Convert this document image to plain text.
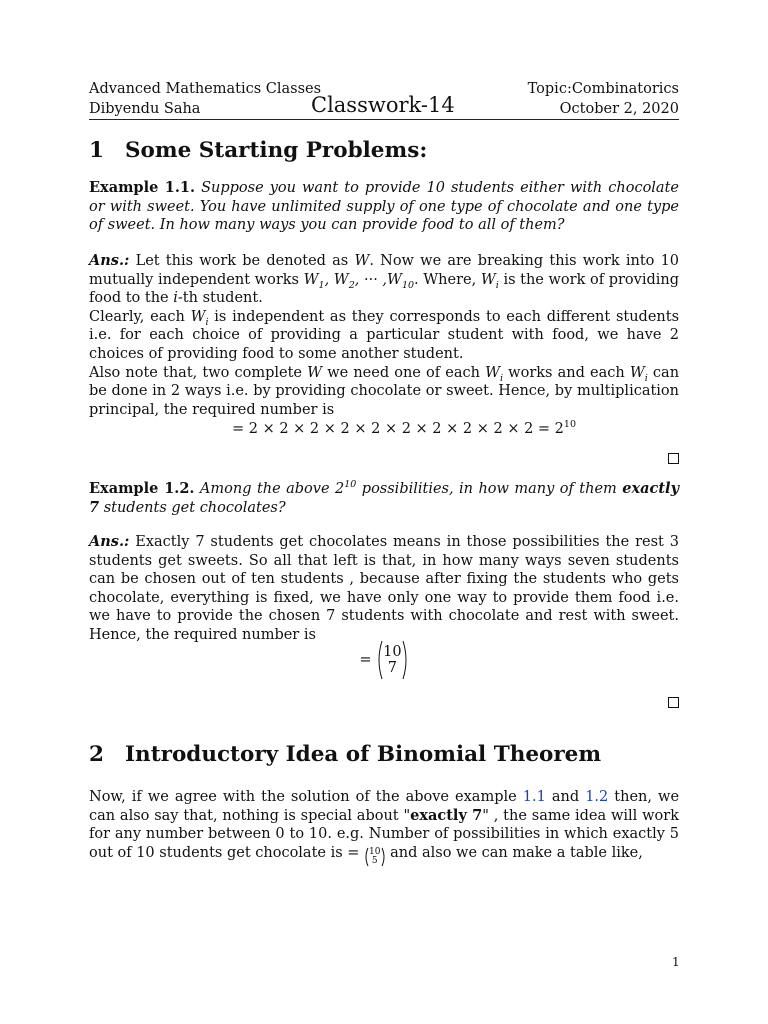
Advanced Mathematics Classes
Dibyendu Saha	Classwork-14
Topic:Combinatorics
October 2, 2020
1 Some Starting Problems:

Example 1.1. Suppose you want to provide 10 students either with chocolate or with sweet. You have unlimited supply of one type of chocolate and one type of sweet. In how many ways you can provide food to all of them?

Ans.: Let this work be denoted as W. Now we are breaking this work into 10 mutually independent works $W_1$, $W_2$, ··· $,W_{10}$. Where, $W_i$ is the work of providing food to the i-th student.
Clearly, each $W_i$ is independent as they corresponds to each different students i.e. for each choice of providing a particular student with food, we have 2 choices of providing food to some another student.
Also note that, two complete W we need one of each $W_i$ works and each $W_i$ can be done in 2 ways i.e. by providing chocolate or sweet. Hence, by multiplication principal, the required number is

= $2 \times 2 \times 2 \times 2 \times 2 \times 2 \times 2 \times 2 \times 2 \times 2 = 2^{10}$

Example 1.2. Among the above $2^{10}$ possibilities, in how many of them exactly 7 students get chocolates?

Ans.: Exactly 7 students get chocolates means in those possibilities the rest 3 students get sweets. So all that left is that, in how many ways seven students can be chosen out of ten students , because after fixing the students who gets chocolate, everything is fixed, we have only one way to provide them food i.e. we have to provide the chosen 7 students with chocolate and rest with sweet. Hence, the required number is

= 10
7
2 Introductory Idea of Binomial Theorem

Now, if we agree with the solution of the above example 1.1 and 1.2 then, we can also say that, nothing is special about "exactly 7" , the same idea will work for any number between 0 to 10. e.g. Number of possibilities in which exactly 5 out of 10 students get chocolate is = 10
5 and also we can make a table like,

1
